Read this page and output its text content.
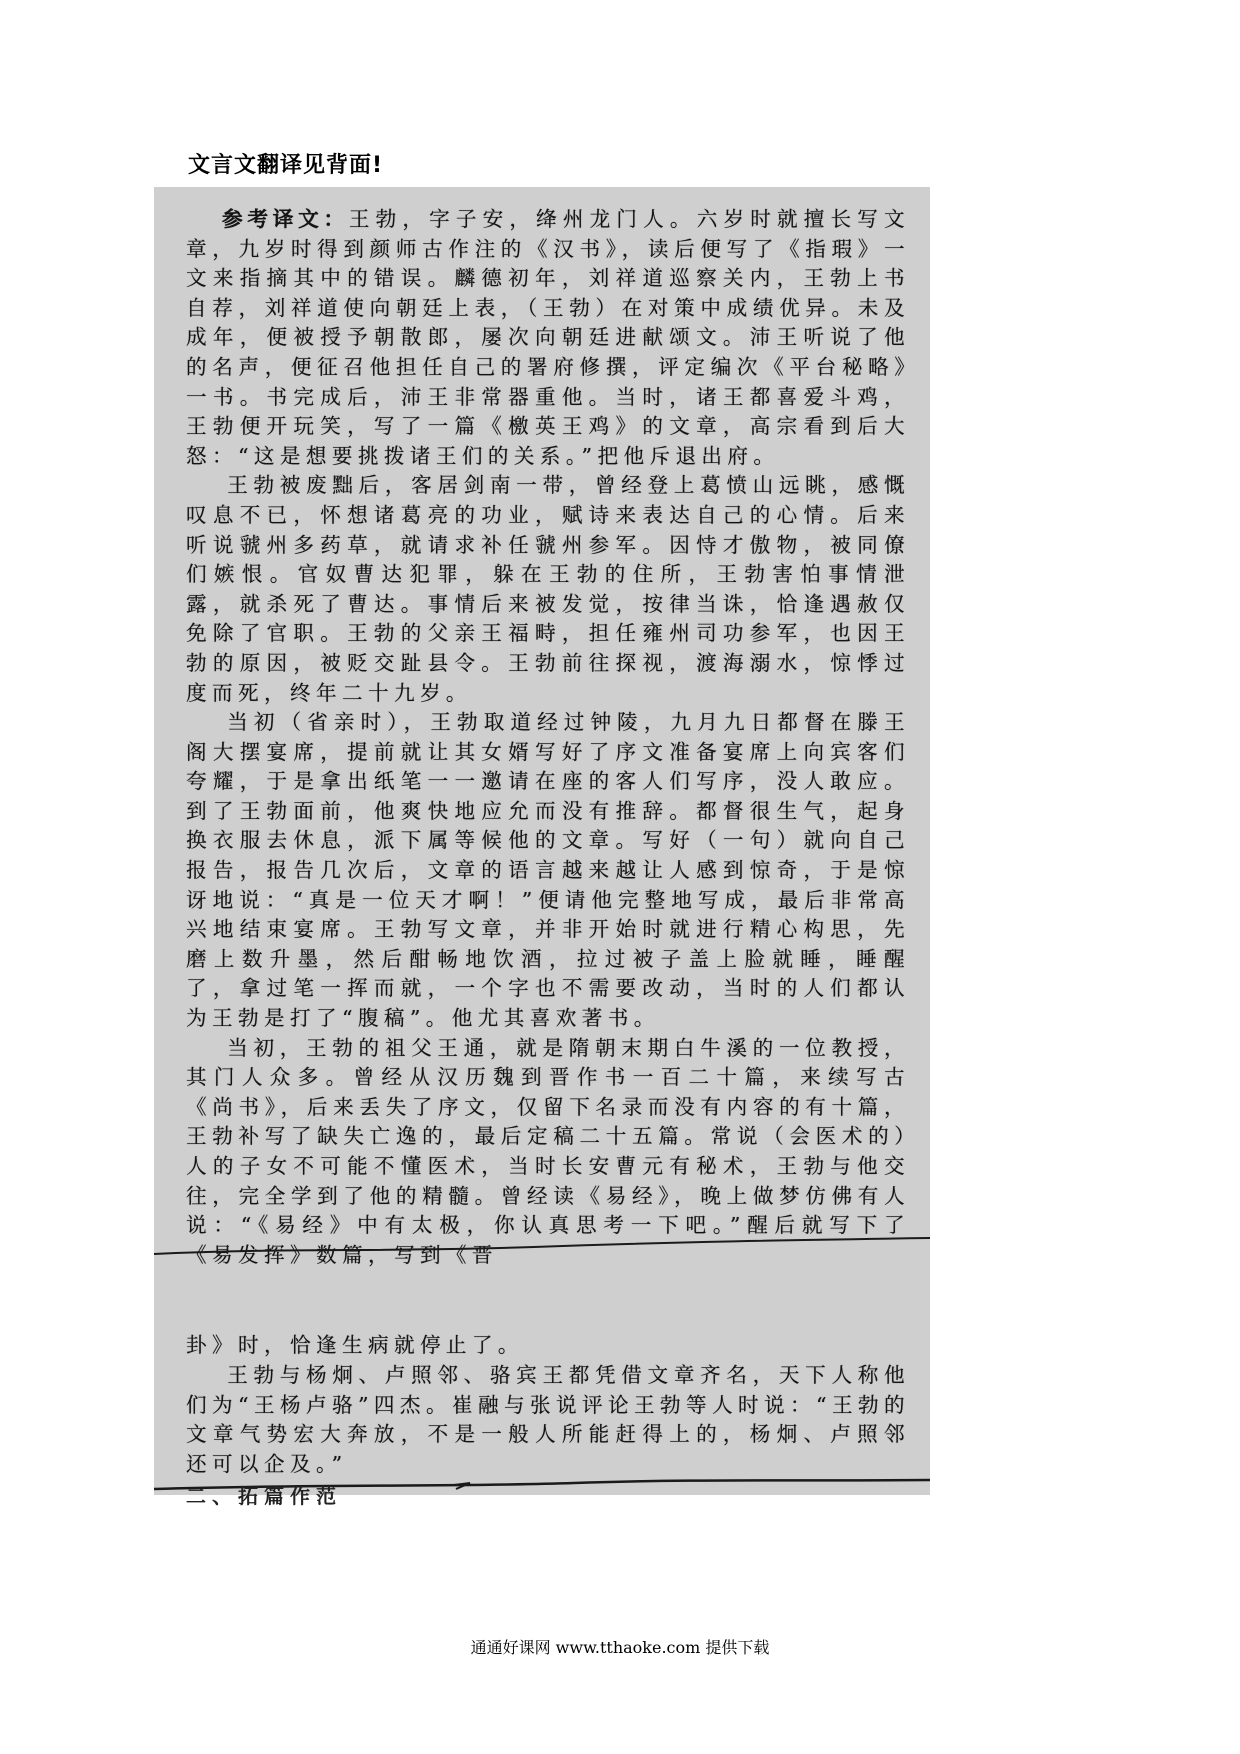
文言文翻译见背面!

参考译文：王勃，字子安，绛州龙门人。六岁时就擅长写文章，九岁时得到颜师古作注的《汉书》，读后便写了《指瑕》一文来指摘其中的错误。麟德初年，刘祥道巡察关内，王勃上书自荐，刘祥道使向朝廷上表，（王勃）在对策中成绩优异。未及成年，便被授予朝散郎，屡次向朝廷进献颂文。沛王听说了他的名声，便征召他担任自己的署府修撰，评定编次《平台秘略》一书。书完成后，沛王非常器重他。当时，诸王都喜爱斗鸡，王勃便开玩笑，写了一篇《檄英王鸡》的文章，高宗看到后大怒：“这是想要挑拨诸王们的关系。”把他斥退出府。

王勃被废黜后，客居剑南一带，曾经登上葛愤山远眺，感慨叹息不已，怀想诸葛亮的功业，赋诗来表达自己的心情。后来听说虢州多药草，就请求补任虢州参军。因恃才傲物，被同僚们嫉恨。官奴曹达犯罪，躲在王勃的住所，王勃害怕事情泄露，就杀死了曹达。事情后来被发觉，按律当诛，恰逢遇赦仅免除了官职。王勃的父亲王福畤，担任雍州司功参军，也因王勃的原因，被贬交趾县令。王勃前往探视，渡海溺水，惊悸过度而死，终年二十九岁。

当初（省亲时），王勃取道经过钟陵，九月九日都督在滕王阁大摆宴席，提前就让其女婿写好了序文准备宴席上向宾客们夸耀，于是拿出纸笔一一邀请在座的客人们写序，没人敢应。到了王勃面前，他爽快地应允而没有推辞。都督很生气，起身换衣服去休息，派下属等候他的文章。写好（一句）就向自己报告，报告几次后，文章的语言越来越让人感到惊奇，于是惊讶地说：“真是一位天才啊！”便请他完整地写成，最后非常高兴地结束宴席。王勃写文章，并非开始时就进行精心构思，先磨上数升墨，然后酣畅地饮酒，拉过被子盖上脸就睡，睡醒了，拿过笔一挥而就，一个字也不需要改动，当时的人们都认为王勃是打了“腹稿”。他尤其喜欢著书。

当初，王勃的祖父王通，就是隋朝末期白牛溪的一位教授，其门人众多。曾经从汉历魏到晋作书一百二十篇，来续写古《尚书》，后来丢失了序文，仅留下名录而没有内容的有十篇，王勃补写了缺失亡逸的，最后定稿二十五篇。常说（会医术的）人的子女不可能不懂医术，当时长安曹元有秘术，王勃与他交往，完全学到了他的精髓。曾经读《易经》，晚上做梦仿佛有人说：“《易经》中有太极，你认真思考一下吧。”醒后就写下了《易发挥》数篇，写到《晋

卦》时，恰逢生病就停止了。

王勃与杨炯、卢照邻、骆宾王都凭借文章齐名，天下人称他们为“王杨卢骆”四杰。崔融与张说评论王勃等人时说：“王勃的文章气势宏大奔放，不是一般人所能赶得上的，杨炯、卢照邻还可以企及。”

二、拓篇作范
通通好课网 www.tthaoke.com 提供下载
